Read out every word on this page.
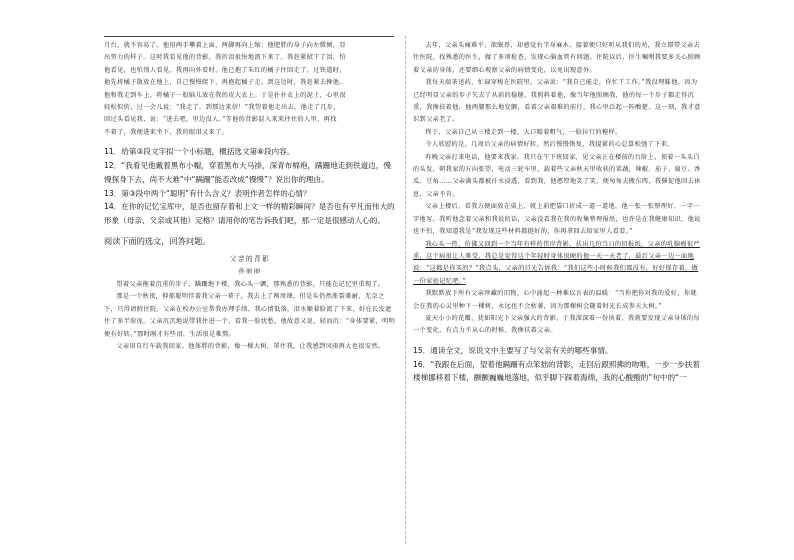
月台，就不容易了。他用两手攀着上面，两脚再向上缩；他肥胖的身子向左微倾，显

出努力的样子。这时我看见他的背影，我的泪很快地流下来了。我赶紧拭干了泪，怕

他看见，也怕别人看见。我再向外看时，他已抱了朱红的橘子往回走了。过铁道时，

他先将橘子散放在地上，自己慢慢爬下，再抱起橘子走。到这边时，我赶紧去搀他。

他和我走到车上，将橘子一股脑儿放在我的皮大衣上。于是扑扑衣上的泥土，心里很

轻松似的，过一会儿说：“我走了，到那边来信！”我望着他走出去。他走了几步，

回过头看见我，说：“进去吧，里边没人。”等他的背影混入来来往往的人里，再找

不着了，我便进来坐下，我的眼泪又来了。

11．给第③段文字拟一个小标题，概括选文第⑧段内容。

12．“我看见他戴着黑布小帽，穿着黑布大马褂，深青布棉袍，蹒跚地走到铁道边，慢慢探身下去，尚不大难”中“蹒跚”能否改成“慢慢”？说出你的理由。

13．第③段中两个“聪明”有什么含义？表明作者怎样的心情？

14．在你的记忆宝库中，是否也留存着和上文一样的精彩瞬间？是否也有平凡而伟大的形象（母亲、父亲或其他）定格？请用你的笔告诉我们吧，那一定是很感动人心的。

阅读下面的选文，回答问题。

父亲的背影

孙丽丽

望着父亲拖着沉重的步子，蹒跚地下楼，我心头一颤，那熟悉的背影，只能在记忆里重现了。

那是一个秋夜，抑郁聪明伴着我父亲一辈子，我去上了两周课，但是头仍然胀裂难耐，无奈之下，只得请假住院。父亲在校办公室帮我办理手续，我心情低落，泪水顺着脸流了下来，好在长发遮住了多半脸庞。父亲沉沉地说带我住进一个，看我一脸忧愁，他故意又说，轻而沉：“身体要紧，明明便有好转。”那时刚才有些泪，生活很是难熬。

父亲用自行车载我回家。他体胖的背影，像一棵大树，罩住我，让我感到风雨再大也很安然。

去年，父亲头痛难平，欲眠鼻，却感觉右半身麻木，接着便只好听从我们的劝，我立即带父亲去往医院，找熟悉的医生，做了多项检查，发现心脑血管有问题。住院以后，医生嘱咐我要多关心照顾着父亲的身体，还要细心观察父亲的病情变化，以免出现意外。

我每天端茶送药，忙碌穿梭在医院里。父亲说：“我自己能走，你忙干工作。”我没理睬他，因为已经明显父亲的步子失去了从前的稳健，我照料着他，像当年他照顾我，他的每一个步子都走得沉重，我搀扶着他，他两腿那么地发颤，看着父亲艰难的前行，我心里泛起一阵酸楚。这一刻，我才意识到父亲老了。

终于，父亲自己从三楼走到一楼，大口喘着粗气，一脸拉行的模样。

令人欣慰的是，几周后父亲的病情好转，然后慢慢恢复，我提紧的心总算松弛了下来。

昨晚父亲打来电话，他要来我家。我只在午下班回家，见父亲正在楼前的台阶上，顶着一头头白的头发，朝我家的方向张望，电动三轮车里，载着些父亲秋天里收获的菜蔬，辣椒、茄子、扁豆、香瓜、豆角……父亲满头都被汗水浸透，看到我，他憨厚地笑了笑，便匆匆去搬东西，我催促他回去休息，父亲不肯。

父亲上楼后，看我方便面放在桌上，就上前把袋口折成一道一道地，他一张一张整理好，一字一字地写，我听他念着父亲和我说的话，父亲没看我在我的收集整理报纸，也许是在我健康知识，他说也不怕，我知道我是“我发现这些材料都挺好的，你再拿回去给家里人看看。”

我心头一热，仿佛又回到一个当年有样的伟岸背影，扶出几份当日的旧报纸，父亲的乳腺瘤很严重，这个病很让人难受，我总是觉得这个年轻时身体很硬的他一天一天老了，最后父亲一边一面地说：“这都是你买的？”我点头，父亲的目光告诉我：“我们这些小时候我们都没有，好好保存着，做一份家庭记忆吧。”

我默默放下所有父亲珍藏的旧物，心中涌起一种难以言表的温暖：“当你把你对我的爱好，你就会在我的心灵里种下一棵树，永远也不会枯萎，因为那棵树会随着时光长成参天大树。”

夏天小小的花瓣，犹如阳光下父亲强大的背影，于我深深着一份执着，我就要发现父亲身体的每一个变化，有点力不从心的时候，我搀扶着父亲。

15．通读全文，说说文中主要写了与父亲有关的哪些事情。

16．“我跟在后面，望着他蹒跚有点笨拙的背影，走回后跟照拂的吻唯，一步一步扶着楼梯挪移着下楼，颤颤巍巍地落地，似乎脚下踩着海绵，我的心酸酸的”句中的“一
